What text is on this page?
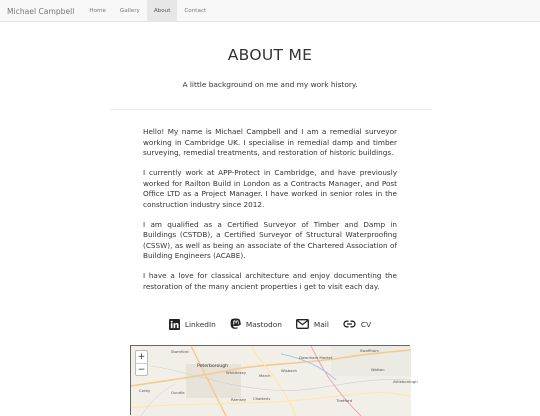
Michael Campbell	Home	Gallery	About	Contact
ABOUT ME
A little background on me and my work history.

Hello! My name is Michael Campbell and I am a remedial surveyor working in Cambridge UK. I specialise in remedial damp and timber surveying, remedial treatments, and restoration of historic buildings.

I currently work at APP-Protect in Cambridge, and have previously worked for Railton Build in London as a Contracts Manager, and Post Office LTD as a Project Manager. I have worked in senior roles in the construction industry since 2012.

I am qualified as a Certified Surveyor of Timber and Damp in Buildings (CSTDB), a Certified Surveyor of Structural Waterproofing (CSSW), as well as being an associate of the Chartered Association of Building Engineers (ACABE).

I have a love for classical architecture and enjoy documenting the restoration of the many ancient properties i get to visit each day.

LinkedIn	Mastodon	Mail	CV
Stamford
Peterborough
Whittlesey
March
Downham Market
Swaffham
Corby	Oundle
Ramsey Chatteris
Watton
Attleborough
Wisbech
Thetford
+
−
